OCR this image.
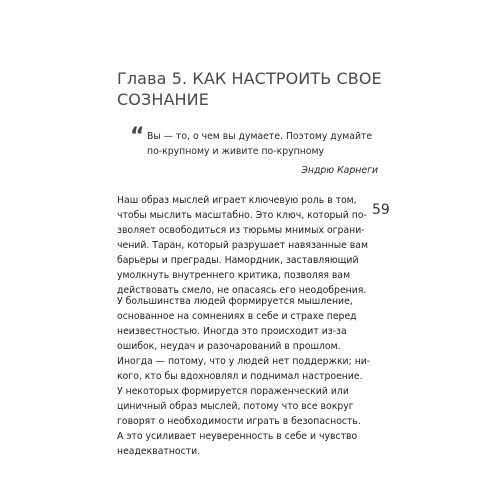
Глава 5. КАК НАСТРОИТЬ СВОЕ
СОЗНАНИЕ
“ Вы — то, о чем вы думаете. Поэтому думайте
по-крупному и живите по-крупному
Эндрю Карнеги
59
Наш образ мыслей играет ключевую роль в том,
чтобы мыслить масштабно. Это ключ, который по-
зволяет освободиться из тюрьмы мнимых ограни-
чений. Таран, который разрушает навязанные вам
барьеры и преграды. Намордник, заставляющий
умолкнуть внутреннего критика, позволяя вам
действовать смело, не опасаясь его неодобрения.
У большинства людей формируется мышление,
основанное на сомнениях в себе и страхе перед
неизвестностью. Иногда это происходит из-за
ошибок, неудач и разочарований в прошлом.
Иногда — потому, что у людей нет поддержки; ни-
кого, кто бы вдохновлял и поднимал настроение.
У некоторых формируется пораженческий или
циничный образ мыслей, потому что все вокруг
говорят о необходимости играть в безопасность.
А это усиливает неуверенность в себе и чувство
неадекватности.
